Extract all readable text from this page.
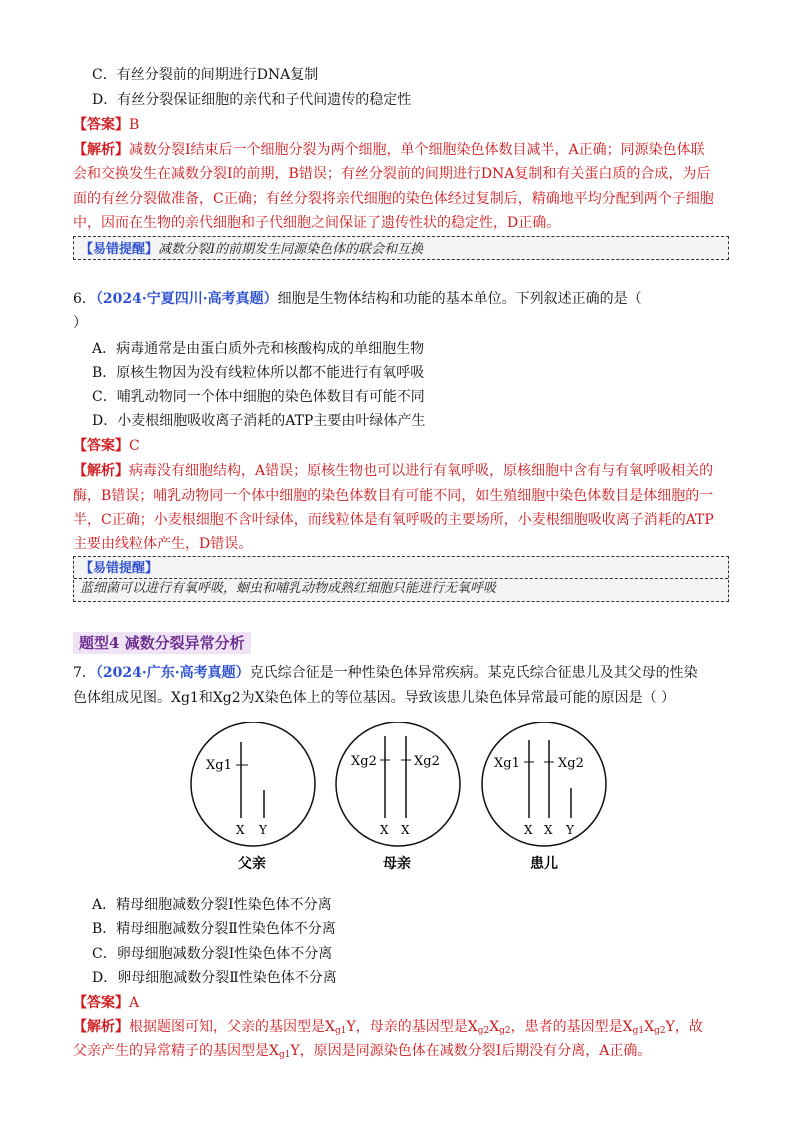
C．有丝分裂前的间期进行DNA复制
D．有丝分裂保证细胞的亲代和子代间遗传的稳定性
【答案】B
【解析】减数分裂Ⅰ结束后一个细胞分裂为两个细胞，单个细胞染色体数目减半，A正确；同源染色体联
会和交换发生在减数分裂Ⅰ的前期，B错误；有丝分裂前的间期进行DNA复制和有关蛋白质的合成，为后
面的有丝分裂做准备，C正确；有丝分裂将亲代细胞的染色体经过复制后，精确地平均分配到两个子细胞
中，因而在生物的亲代细胞和子代细胞之间保证了遗传性状的稳定性，D正确。
【易错提醒】减数分裂Ⅰ的前期发生同源染色体的联会和互换
6．（2024·宁夏四川·高考真题）细胞是生物体结构和功能的基本单位。下列叙述正确的是（
）
A．病毒通常是由蛋白质外壳和核酸构成的单细胞生物
B．原核生物因为没有线粒体所以都不能进行有氧呼吸
C．哺乳动物同一个体中细胞的染色体数目有可能不同
D．小麦根细胞吸收离子消耗的ATP主要由叶绿体产生
【答案】C
【解析】病毒没有细胞结构，A错误；原核生物也可以进行有氧呼吸，原核细胞中含有与有氧呼吸相关的
酶，B错误；哺乳动物同一个体中细胞的染色体数目有可能不同，如生殖细胞中染色体数目是体细胞的一
半，C正确；小麦根细胞不含叶绿体，而线粒体是有氧呼吸的主要场所，小麦根细胞吸收离子消耗的ATP
主要由线粒体产生，D错误。
【易错提醒】
蓝细菌可以进行有氧呼吸，蛔虫和哺乳动物成熟红细胞只能进行无氧呼吸
题型4 减数分裂异常分析
7．（2024·广东·高考真题）克氏综合征是一种性染色体异常疾病。某克氏综合征患儿及其父母的性染
色体组成见图。Xg1和Xg2为X染色体上的等位基因。导致该患儿染色体异常最可能的原因是（ ）
Xg1
X Y
父亲
Xg2	Xg2
X X
母亲
Xg1	Xg2
X X Y
患儿
A．精母细胞减数分裂Ⅰ性染色体不分离
B．精母细胞减数分裂Ⅱ性染色体不分离
C．卵母细胞减数分裂Ⅰ性染色体不分离
D．卵母细胞减数分裂Ⅱ性染色体不分离
【答案】A
【解析】根据题图可知，父亲的基因型是$X_{g1}Y$，母亲的基因型是$X_{g2}X_{g2}$，患者的基因型是$X_{g1}X_{g2}Y$，故
父亲产生的异常精子的基因型是$X_{g1}Y$，原因是同源染色体在减数分裂Ⅰ后期没有分离，A正确。
